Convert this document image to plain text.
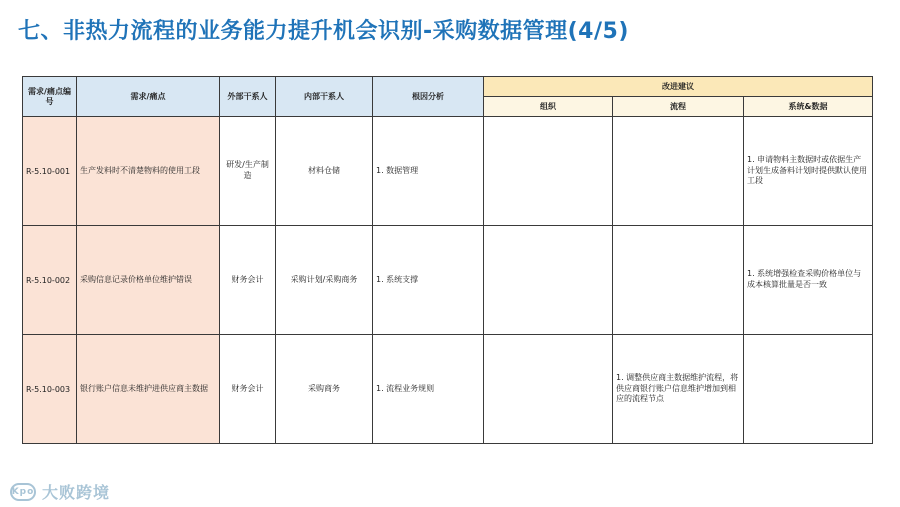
七、非热力流程的业务能力提升机会识别-采购数据管理(4/5)
需求/痛点编号	需求/痛点	外部干系人	内部干系人	根因分析	改进建议		
					组织	流程	系统&数据
R-5.10-001	生产发料时不清楚物料的使用工段	研发/生产制造	材料仓储	1. 数据管理			1. 申请物料主数据时或依据生产计划生成备料计划时提供默认使用工段
R-5.10-002	采购信息记录价格单位维护错误	财务会计	采购计划/采购商务	1. 系统支撑			1. 系统增强检查采购价格单位与成本核算批量是否一致
R-5.10-003	银行账户信息未维护进供应商主数据	财务会计	采购商务	1. 流程业务规则		1. 调整供应商主数据维护流程，将供应商银行账户信息维护增加到相应的流程节点	
Kpo 大败跨境
